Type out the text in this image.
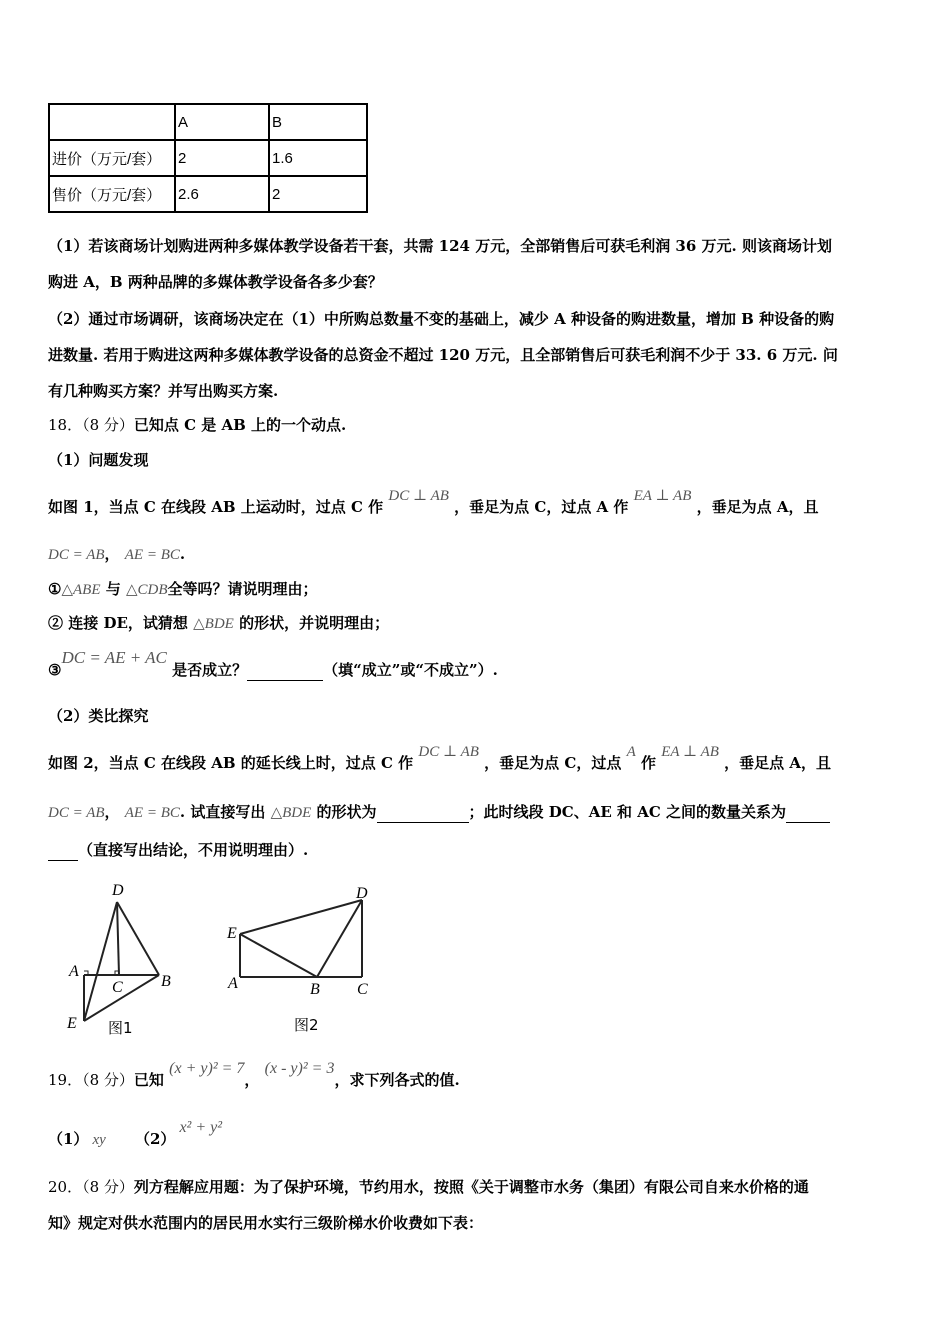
	A	B
进价（万元/套）	2	1.6
售价（万元/套）	2.6	2
（1）若该商场计划购进两种多媒体教学设备若干套，共需 124 万元，全部销售后可获毛利润 36 万元. 则该商场计划
购进 A，B 两种品牌的多媒体教学设备各多少套？
（2）通过市场调研，该商场决定在（1）中所购总数量不变的基础上，减少 A 种设备的购进数量，增加 B 种设备的购
进数量. 若用于购进这两种多媒体教学设备的总资金不超过 120 万元，且全部销售后可获毛利润不少于 33. 6 万元. 问
有几种购买方案？并写出购买方案.
18．（8 分）已知点 C 是 AB 上的一个动点.
（1）问题发现
如图 1，当点 C 在线段 AB 上运动时，过点 C 作 DC ⊥ AB ，垂足为点 C，过点 A 作 EA ⊥ AB ，垂足为点 A，且
DC = AB， AE = BC.
①△ABE 与 △CDB全等吗？请说明理由；
② 连接 DE，试猜想 △BDE 的形状，并说明理由；
③DC = AE + AC 是否成立？	（填“成立”或“不成立”）.
（2）类比探究
如图 2，当点 C 在线段 AB 的延长线上时，过点 C 作 DC ⊥ AB ，垂足为点 C，过点 A 作 EA ⊥ AB ，垂足点 A，且
DC = AB， AE = BC. 试直接写出 △BDE 的形状为	；此时线段 DC、AE 和 AC 之间的数量关系为
（直接写出结论，不用说明理由）.
D
A
C B
E 图1
D
E
A	B C
图2
19．（8 分）已知 (x + y)² = 7， (x - y)² = 3，求下列各式的值.
（1） xy （2）x² + y²
20．（8 分）列方程解应用题：为了保护环境，节约用水，按照《关于调整市水务（集团）有限公司自来水价格的通
知》规定对供水范围内的居民用水实行三级阶梯水价收费如下表：
